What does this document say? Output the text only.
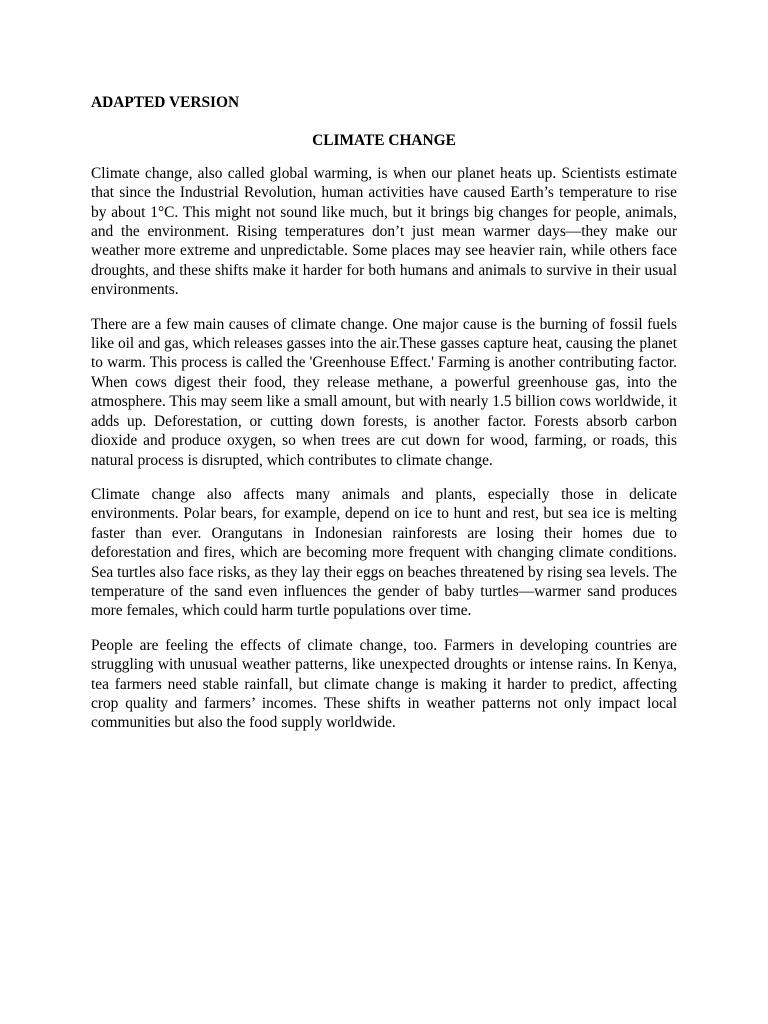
ADAPTED VERSION

CLIMATE CHANGE

Climate change, also called global warming, is when our planet heats up. Scientists estimate that since the Industrial Revolution, human activities have caused Earth’s temperature to rise by about 1°C. This might not sound like much, but it brings big changes for people, animals, and the environment. Rising temperatures don’t just mean warmer days—they make our weather more extreme and unpredictable. Some places may see heavier rain, while others face droughts, and these shifts make it harder for both humans and animals to survive in their usual environments.

There are a few main causes of climate change. One major cause is the burning of fossil fuels like oil and gas, which releases gasses into the air.These gasses capture heat, causing the planet to warm. This process is called the 'Greenhouse Effect.' Farming is another contributing factor. When cows digest their food, they release methane, a powerful greenhouse gas, into the atmosphere. This may seem like a small amount, but with nearly 1.5 billion cows worldwide, it adds up. Deforestation, or cutting down forests, is another factor. Forests absorb carbon dioxide and produce oxygen, so when trees are cut down for wood, farming, or roads, this natural process is disrupted, which contributes to climate change.

Climate change also affects many animals and plants, especially those in delicate environments. Polar bears, for example, depend on ice to hunt and rest, but sea ice is melting faster than ever. Orangutans in Indonesian rainforests are losing their homes due to deforestation and fires, which are becoming more frequent with changing climate conditions. Sea turtles also face risks, as they lay their eggs on beaches threatened by rising sea levels. The temperature of the sand even influences the gender of baby turtles—warmer sand produces more females, which could harm turtle populations over time.

People are feeling the effects of climate change, too. Farmers in developing countries are struggling with unusual weather patterns, like unexpected droughts or intense rains. In Kenya, tea farmers need stable rainfall, but climate change is making it harder to predict, affecting crop quality and farmers’ incomes. These shifts in weather patterns not only impact local communities but also the food supply worldwide.
